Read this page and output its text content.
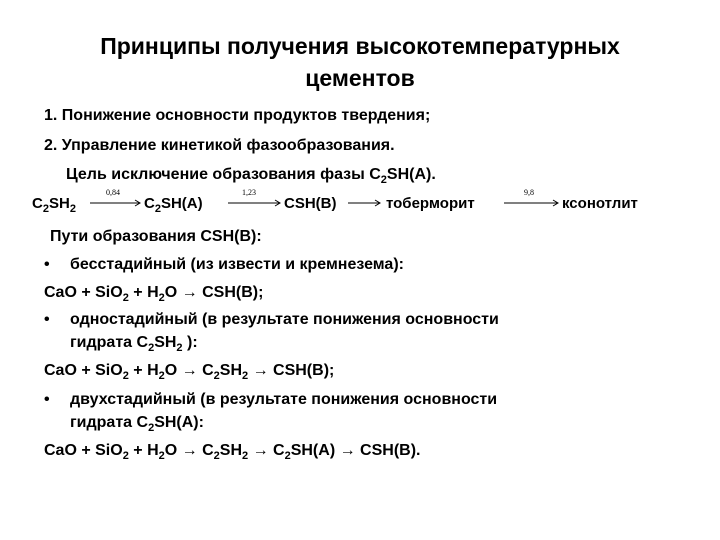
Принципы получения высокотемпературных
цементов
1. Понижение основности продуктов твердения;
2. Управление кинетикой фазообразования.
Цель исключение образования фазы $C_2SH(A)$.
$C_2SH_2$
0,84
$C_2SH(A)$
1,23
CSH(B)	тоберморит
9,8
ксонотлит
Пути образования CSH(B):
• бесстадийный (из извести и кремнезема):
CaO + $SiO_2 + H_2O \to CSH(B)$;
• одностадийный (в результате понижения основности
гидрата $C_2SH_2$ ):
CaO + $SiO_2 + H_2O \to C_2SH_2 \to CSH(B)$;
• двухстадийный (в результате понижения основности
гидрата $C_2SH(A)$:
CaO + $SiO_2 + H_2O \to C_2SH_2 \to C_2SH(A) \to CSH(B)$.
